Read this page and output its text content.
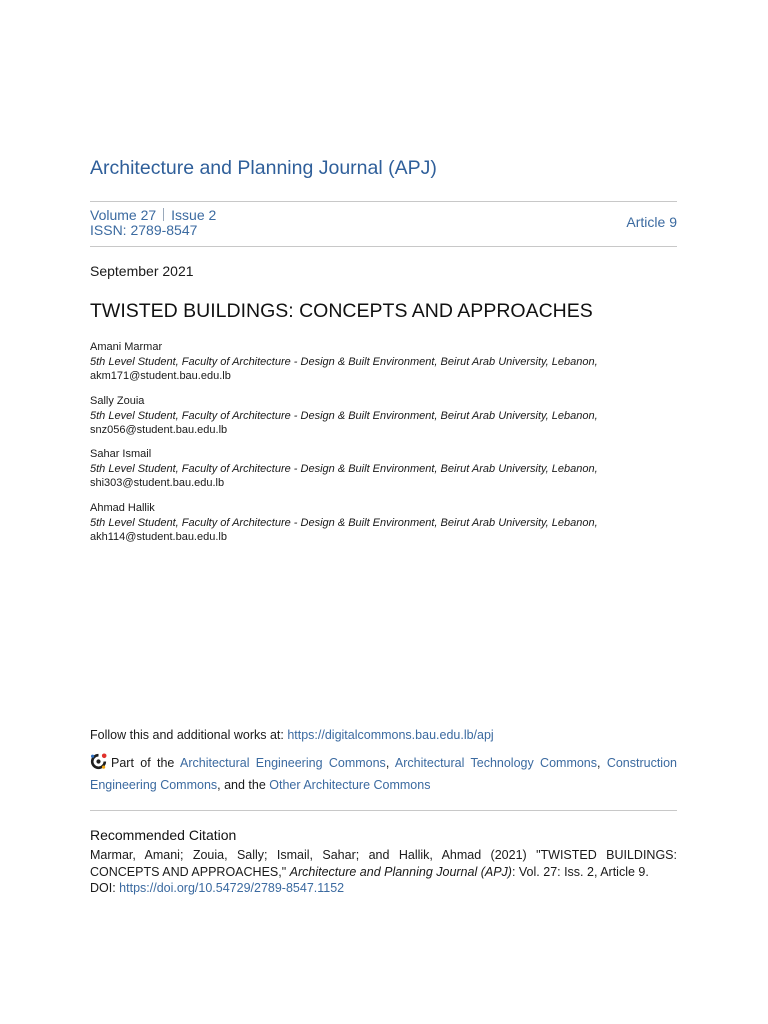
Architecture and Planning Journal (APJ)
Volume 27 Issue 2
ISSN: 2789-8547	Article 9
September 2021
TWISTED BUILDINGS: CONCEPTS AND APPROACHES
Amani Marmar
5th Level Student, Faculty of Architecture - Design & Built Environment, Beirut Arab University, Lebanon,
akm171@student.bau.edu.lb
Sally Zouia
5th Level Student, Faculty of Architecture - Design & Built Environment, Beirut Arab University, Lebanon,
snz056@student.bau.edu.lb
Sahar Ismail
5th Level Student, Faculty of Architecture - Design & Built Environment, Beirut Arab University, Lebanon,
shi303@student.bau.edu.lb
Ahmad Hallik
5th Level Student, Faculty of Architecture - Design & Built Environment, Beirut Arab University, Lebanon,
akh114@student.bau.edu.lb
Follow this and additional works at: https://digitalcommons.bau.edu.lb/apj
Part of the Architectural Engineering Commons, Architectural Technology Commons, Construction Engineering Commons, and the Other Architecture Commons
Recommended Citation
Marmar, Amani; Zouia, Sally; Ismail, Sahar; and Hallik, Ahmad (2021) "TWISTED BUILDINGS: CONCEPTS AND APPROACHES," Architecture and Planning Journal (APJ): Vol. 27: Iss. 2, Article 9.
DOI: https://doi.org/10.54729/2789-8547.1152
